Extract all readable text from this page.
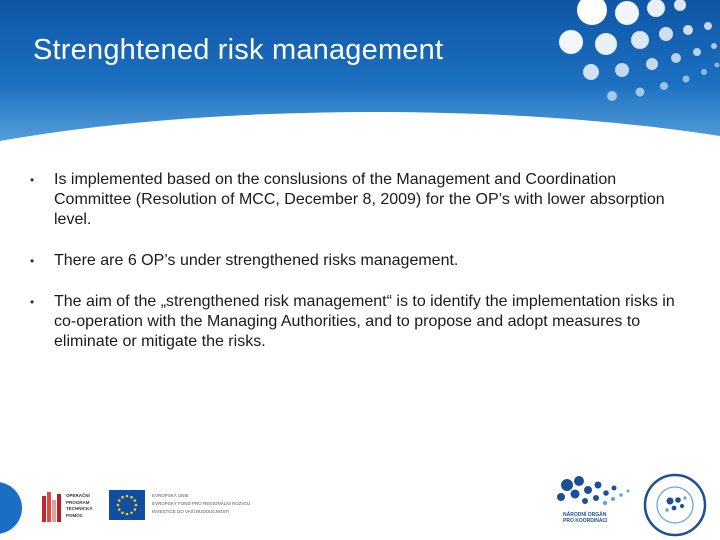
Strenghtened risk management
• Is implemented based on the conslusions of the Management and Coordination Committee (Resolution of MCC, December 8, 2009) for the OP’s with lower absorption level.
• There are 6 OP’s under strengthened risks management.
• The aim of the „strengthened risk management“ is to identify the implementation risks in co-operation with the Managing Authorities, and to propose and adopt measures to eliminate or mitigate the risks.
OPERAČNÍ
PROGRAM
TECHNICKÁ
POMOC
EVROPSKÁ UNIE
EVROPSKÝ FOND PRO REGIONÁLNÍ ROZVOJ
INVESTICE DO VAŠÍ BUDOUCNOSTI
NÁRODNÍ ORGÁN
PRO KOORDINACI
